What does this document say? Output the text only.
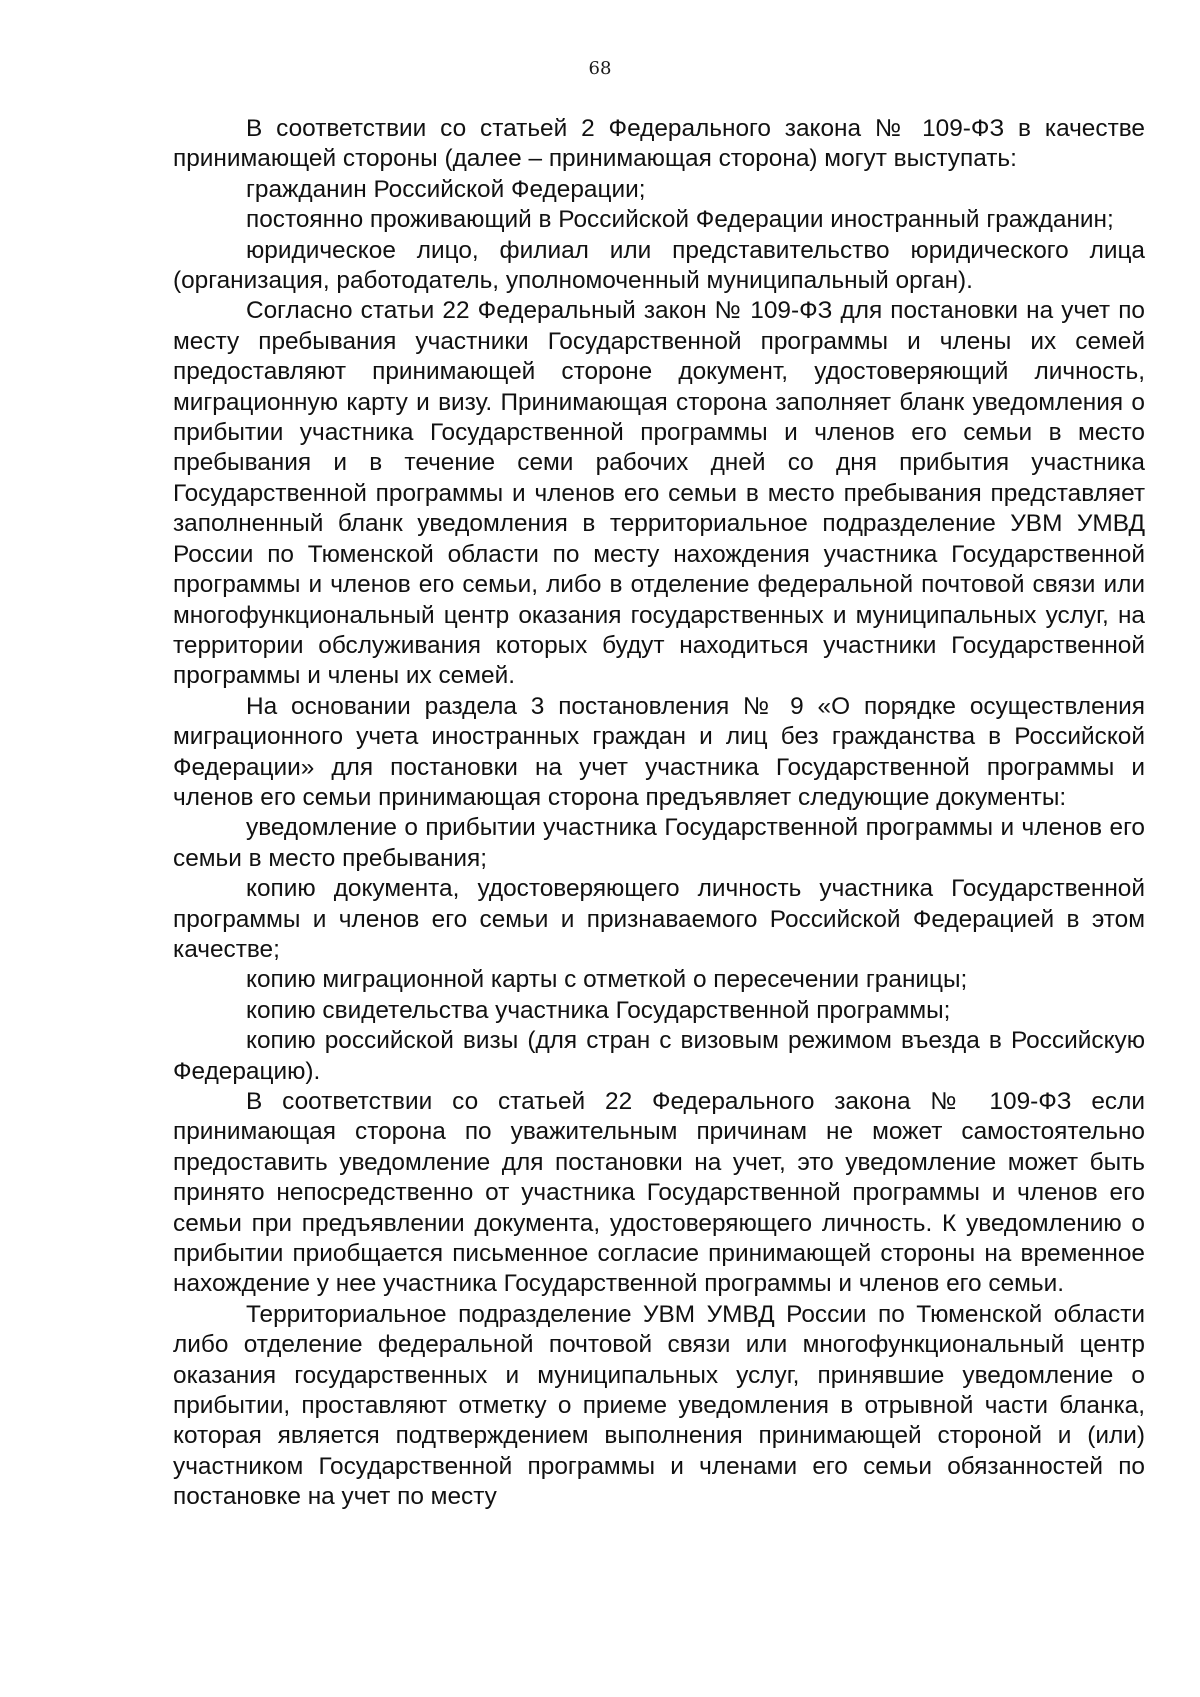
68

В соответствии со статьей 2 Федерального закона № 109-ФЗ в качестве принимающей стороны (далее – принимающая сторона) могут выступать:

гражданин Российской Федерации;

постоянно проживающий в Российской Федерации иностранный гражданин;

юридическое лицо, филиал или представительство юридического лица (организация, работодатель, уполномоченный муниципальный орган).

Согласно статьи 22 Федеральный закон № 109-ФЗ для постановки на учет по месту пребывания участники Государственной программы и члены их семей предоставляют принимающей стороне документ, удостоверяющий личность, миграционную карту и визу. Принимающая сторона заполняет бланк уведомления о прибытии участника Государственной программы и членов его семьи в место пребывания и в течение семи рабочих дней со дня прибытия участника Государственной программы и членов его семьи в место пребывания представляет заполненный бланк уведомления в территориальное подразделение УВМ УМВД России по Тюменской области по месту нахождения участника Государственной программы и членов его семьи, либо в отделение федеральной почтовой связи или многофункциональный центр оказания государственных и муниципальных услуг, на территории обслуживания которых будут находиться участники Государственной программы и члены их семей.

На основании раздела 3 постановления № 9 «О порядке осуществления миграционного учета иностранных граждан и лиц без гражданства в Российской Федерации» для постановки на учет участника Государственной программы и членов его семьи принимающая сторона предъявляет следующие документы:

уведомление о прибытии участника Государственной программы и членов его семьи в место пребывания;

копию документа, удостоверяющего личность участника Государственной программы и членов его семьи и признаваемого Российской Федерацией в этом качестве;

копию миграционной карты с отметкой о пересечении границы;

копию свидетельства участника Государственной программы;

копию российской визы (для стран с визовым режимом въезда в Российскую Федерацию).

В соответствии со статьей 22 Федерального закона № 109-ФЗ если принимающая сторона по уважительным причинам не может самостоятельно предоставить уведомление для постановки на учет, это уведомление может быть принято непосредственно от участника Государственной программы и членов его семьи при предъявлении документа, удостоверяющего личность. К уведомлению о прибытии приобщается письменное согласие принимающей стороны на временное нахождение у нее участника Государственной программы и членов его семьи.

Территориальное подразделение УВМ УМВД России по Тюменской области либо отделение федеральной почтовой связи или многофункциональный центр оказания государственных и муниципальных услуг, принявшие уведомление о прибытии, проставляют отметку о приеме уведомления в отрывной части бланка, которая является подтверждением выполнения принимающей стороной и (или) участником Государственной программы и членами его семьи обязанностей по постановке на учет по месту
